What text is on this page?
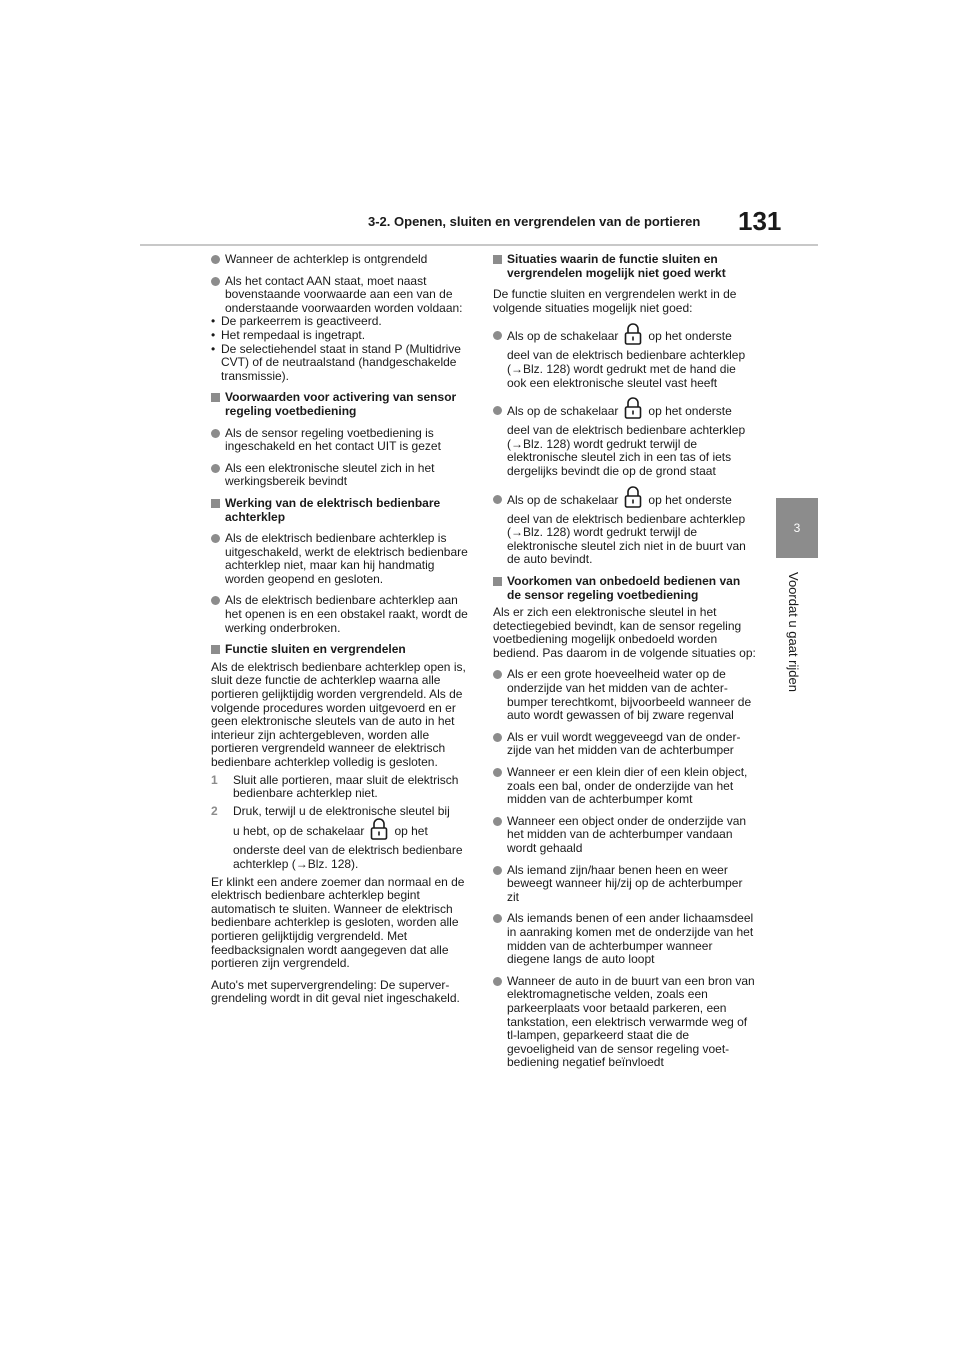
3-2. Openen, sluiten en vergrendelen van de portieren 131
3
Voordat u gaat rijden
Wanneer de achterklep is ontgrendeld
Als het contact AAN staat, moet naast bovenstaande voorwaarde aan een van de onderstaande voorwaarden worden voldaan:

• De parkeerrem is geactiveerd.

• Het rempedaal is ingetrapt.

• De selectiehendel staat in stand P (Multidrive CVT) of de neutraalstand (handgeschakelde transmissie).

Voorwaarden voor activering van sensor regeling voetbediening
Als de sensor regeling voetbediening is ingeschakeld en het contact UIT is gezet
Als een elektronische sleutel zich in het werkingsbereik bevindt
Werking van de elektrisch bedienbare achterklep
Als de elektrisch bedienbare achterklep is uitgeschakeld, werkt de elektrisch bedienbare achterklep niet, maar kan hij handmatig worden geopend en gesloten.
Als de elektrisch bedienbare achterklep aan het openen is en een obstakel raakt, wordt de werking onderbroken.
Functie sluiten en vergrendelen

Als de elektrisch bedienbare achterklep open is, sluit deze functie de achterklep waarna alle portieren gelijktijdig worden vergrendeld. Als de volgende procedures worden uitgevoerd en er geen elektronische sleutels van de auto in het interieur zijn achtergebleven, worden alle portieren vergrendeld wanneer de elektrisch bedienbare achterklep volledig is gesloten.

1 Sluit alle portieren, maar sluit de elektrisch bedienbare achterklep niet.
2 Druk, terwijl u de elektronische sleutel bij
u hebt, op de schakelaar	op het
onderste deel van de elektrisch bedienbare achterklep (→Blz. 128).

Er klinkt een andere zoemer dan normaal en de elektrisch bedienbare achterklep begint automatisch te sluiten. Wanneer de elektrisch bedienbare achterklep is gesloten, worden alle portieren gelijktijdig vergrendeld. Met feedbacksignalen wordt aangegeven dat alle portieren zijn vergrendeld.

Auto's met supervergrendeling: De supervergrendeling wordt in dit geval niet ingeschakeld.

Situaties waarin de functie sluiten en vergrendelen mogelijk niet goed werkt

De functie sluiten en vergrendelen werkt in de volgende situaties mogelijk niet goed:

Als op de schakelaar	op het onderste
deel van de elektrisch bedienbare achterklep (→Blz. 128) wordt gedrukt met de hand die ook een elektronische sleutel vast heeft
Als op de schakelaar	op het onderste
deel van de elektrisch bedienbare achterklep (→Blz. 128) wordt gedrukt terwijl de elektronische sleutel zich in een tas of iets dergelijks bevindt die op de grond staat
Als op de schakelaar	op het onderste
deel van de elektrisch bedienbare achterklep (→Blz. 128) wordt gedrukt terwijl de elektronische sleutel zich niet in de buurt van de auto bevindt.
Voorkomen van onbedoeld bedienen van de sensor regeling voetbediening

Als er zich een elektronische sleutel in het detectiegebied bevindt, kan de sensor regeling voetbediening mogelijk onbedoeld worden bediend. Pas daarom in de volgende situaties op:

Als er een grote hoeveelheid water op de onderzijde van het midden van de achterbumper terechtkomt, bijvoorbeeld wanneer de auto wordt gewassen of bij zware regenval
Als er vuil wordt weggeveegd van de onderzijde van het midden van de achterbumper
Wanneer er een klein dier of een klein object, zoals een bal, onder de onderzijde van het midden van de achterbumper komt
Wanneer een object onder de onderzijde van het midden van de achterbumper vandaan wordt gehaald
Als iemand zijn/haar benen heen en weer beweegt wanneer hij/zij op de achterbumper zit
Als iemands benen of een ander lichaamsdeel in aanraking komen met de onderzijde van het midden van de achterbumper wanneer diegene langs de auto loopt
Wanneer de auto in de buurt van een bron van elektromagnetische velden, zoals een parkeerplaats voor betaald parkeren, een tankstation, een elektrisch verwarmde weg of tl-lampen, geparkeerd staat die de gevoeligheid van de sensor regeling voetbediening negatief beïnvloedt
